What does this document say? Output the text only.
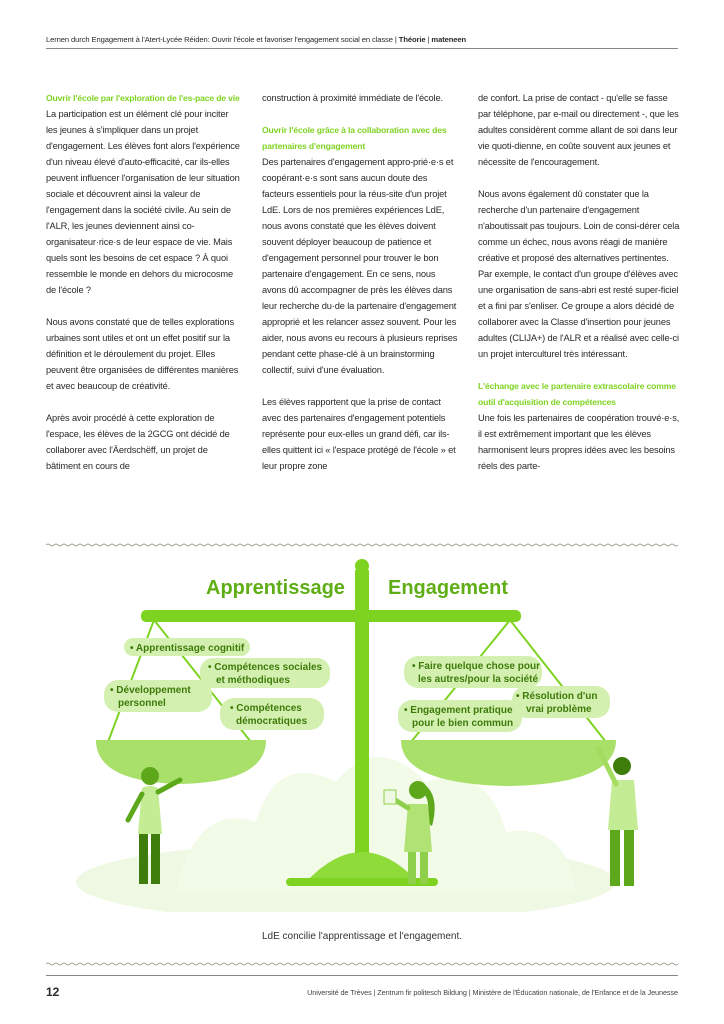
Lernen durch Engagement à l'Atert-Lycée Réiden: Ouvrir l'école et favoriser l'engagement social en classe | Théorie | mateneen
Ouvrir l'école par l'exploration de l'es-pace de vie

La participation est un élément clé pour inciter les jeunes à s'impliquer dans un projet d'engagement. Les élèves font alors l'expérience d'un niveau élevé d'auto-efficacité, car ils-elles peuvent influencer l'organisation de leur situation sociale et découvrent ainsi la valeur de l'engagement dans la société civile. Au sein de l'ALR, les jeunes deviennent ainsi co-organisateur·rice·s de leur espace de vie. Mais quels sont les besoins de cet espace ? À quoi ressemble le monde en dehors du microcosme de l'école ?

Nous avons constaté que de telles explorations urbaines sont utiles et ont un effet positif sur la définition et le déroulement du projet. Elles peuvent être organisées de différentes manières et avec beaucoup de créativité.

Après avoir procédé à cette exploration de l'espace, les élèves de la 2GCG ont décidé de collaborer avec l'Äerdschëff, un projet de bâtiment en cours de

construction à proximité immédiate de l'école.

Ouvrir l'école grâce à la collaboration avec des partenaires d'engagement

Des partenaires d'engagement appro-prié·e·s et coopérant·e·s sont sans aucun doute des facteurs essentiels pour la réus-site d'un projet LdE. Lors de nos premières expériences LdE, nous avons constaté que les élèves doivent souvent déployer beaucoup de patience et d'engagement personnel pour trouver le bon partenaire d'engagement. En ce sens, nous avons dû accompagner de près les élèves dans leur recherche du·de la partenaire d'engagement approprié et les relancer assez souvent. Pour les aider, nous avons eu recours à plusieurs reprises pendant cette phase-clé à un brainstorming collectif, suivi d'une évaluation.

Les élèves rapportent que la prise de contact avec des partenaires d'engagement potentiels représente pour eux-elles un grand défi, car ils-elles quittent ici « l'espace protégé de l'école » et leur propre zone

de confort. La prise de contact - qu'elle se fasse par téléphone, par e-mail ou directement -, que les adultes considèrent comme allant de soi dans leur vie quoti-dienne, en coûte souvent aux jeunes et nécessite de l'encouragement.

Nous avons également dû constater que la recherche d'un partenaire d'engagement n'aboutissait pas toujours. Loin de consi-dérer cela comme un échec, nous avons réagi de manière créative et proposé des alternatives pertinentes. Par exemple, le contact d'un groupe d'élèves avec une organisation de sans-abri est resté super-ficiel et a fini par s'enliser. Ce groupe a alors décidé de collaborer avec la Classe d'insertion pour jeunes adultes (CLIJA+) de l'ALR et a réalisé avec celle-ci un projet interculturel très intéressant.

L'échange avec le partenaire extrascolaire comme outil d'acquisition de compétences

Une fois les partenaires de coopération trouvé·e·s, il est extrêmement important que les élèves harmonisent leurs propres idées avec les besoins réels des parte-

Apprentissage Engagement
• Apprentissage cognitif
• Compétences sociales
et méthodiques
• Développement
personnel	• Compétences
démocratiques
• Faire quelque chose pour
les autres/pour la société
• Résolution d'un
vrai problème
• Engagement pratique
pour le bien commun
LdE concilie l'apprentissage et l'engagement.
12	Université de Trèves | Zentrum fir politesch Bildung | Ministère de l'Éducation nationale, de l'Enfance et de la Jeunesse
